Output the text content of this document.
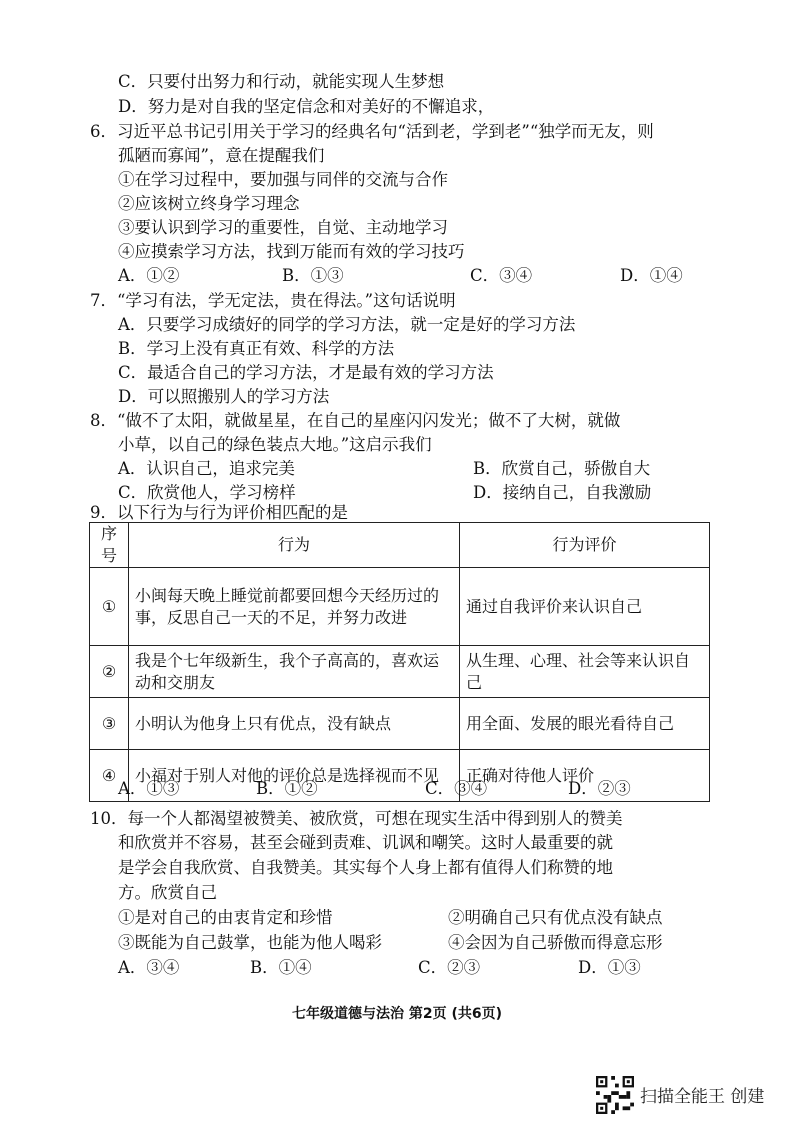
C．只要付出努力和行动，就能实现人生梦想
D．努力是对自我的坚定信念和对美好的不懈追求，
6．习近平总书记引用关于学习的经典名句“活到老，学到老”“独学而无友，则
孤陋而寡闻”，意在提醒我们
①在学习过程中，要加强与同伴的交流与合作
②应该树立终身学习理念
③要认识到学习的重要性，自觉、主动地学习
④应摸索学习方法，找到万能而有效的学习技巧
A．①②	B．①③	C．③④	D．①④
7．“学习有法，学无定法，贵在得法。”这句话说明
A．只要学习成绩好的同学的学习方法，就一定是好的学习方法
B．学习上没有真正有效、科学的方法
C．最适合自己的学习方法，才是最有效的学习方法
D．可以照搬别人的学习方法
8．“做不了太阳，就做星星，在自己的星座闪闪发光；做不了大树，就做
小草，以自己的绿色装点大地。”这启示我们
A．认识自己，追求完美	B．欣赏自己，骄傲自大
C．欣赏他人，学习榜样	D．接纳自己，自我激励
9．以下行为与行为评价相匹配的是
序号	行为	行为评价
①	小闽每天晚上睡觉前都要回想今天经历过的事，反思自己一天的不足，并努力改进	通过自我评价来认识自己
②	我是个七年级新生，我个子高高的，喜欢运动和交朋友	从生理、心理、社会等来认识自己
③	小明认为他身上只有优点，没有缺点	用全面、发展的眼光看待自己
④	小福对于别人对他的评价总是选择视而不见	正确对待他人评价
A．①③	B．①②	C．③④	D．②③
10．每一个人都渴望被赞美、被欣赏，可想在现实生活中得到别人的赞美
和欣赏并不容易，甚至会碰到责难、讥讽和嘲笑。这时人最重要的就
是学会自我欣赏、自我赞美。其实每个人身上都有值得人们称赞的地
方。欣赏自己
①是对自己的由衷肯定和珍惜	②明确自己只有优点没有缺点
③既能为自己鼓掌，也能为他人喝彩	④会因为自己骄傲而得意忘形
A．③④	B．①④	C．②③	D．①③
七年级道德与法治 第2页 (共6页)
扫描全能王 创建
